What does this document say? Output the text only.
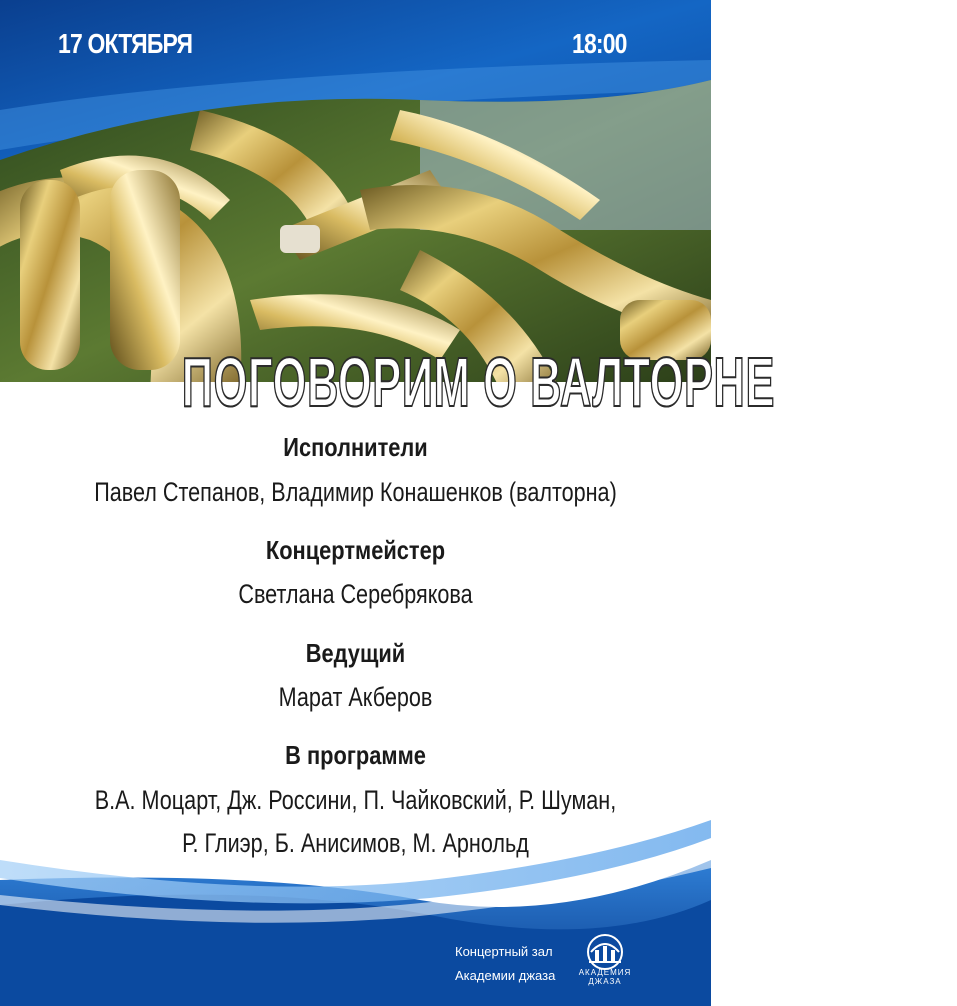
17 ОКТЯБРЯ	18:00
ПОГОВОРИМ О ВАЛТОРНЕ
Исполнители
Павел Степанов, Владимир Конашенков (валторна)
Концертмейстер
Светлана Серебрякова
Ведущий
Марат Акберов
В программе
В.А. Моцарт, Дж. Россини, П. Чайковский, Р. Шуман,
Р. Глиэр, Б. Анисимов, М. Арнольд
Концертный зал
Академии джаза	АКАДЕМИЯ
ДЖАЗА
